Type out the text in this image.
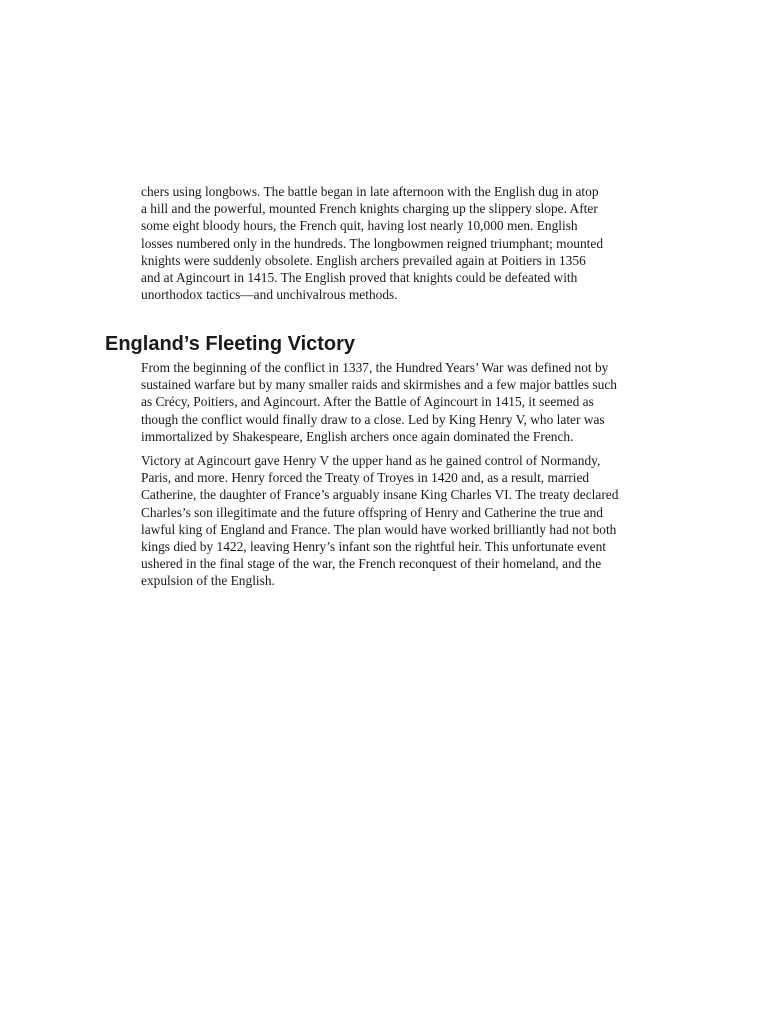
chers using longbows. The battle began in late afternoon with the English dug in atop
a hill and the powerful, mounted French knights charging up the slippery slope. After
some eight bloody hours, the French quit, having lost nearly 10,000 men. English
losses numbered only in the hundreds. The longbowmen reigned triumphant; mounted
knights were suddenly obsolete. English archers prevailed again at Poitiers in 1356
and at Agincourt in 1415. The English proved that knights could be defeated with
unorthodox tactics—and unchivalrous methods.

England’s Fleeting Victory

From the beginning of the conflict in 1337, the Hundred Years’ War was defined not by
sustained warfare but by many smaller raids and skirmishes and a few major battles such
as Crécy, Poitiers, and Agincourt. After the Battle of Agincourt in 1415, it seemed as
though the conflict would finally draw to a close. Led by King Henry V, who later was
immortalized by Shakespeare, English archers once again dominated the French.

Victory at Agincourt gave Henry V the upper hand as he gained control of Normandy,
Paris, and more. Henry forced the Treaty of Troyes in 1420 and, as a result, married
Catherine, the daughter of France’s arguably insane King Charles VI. The treaty declared
Charles’s son illegitimate and the future offspring of Henry and Catherine the true and
lawful king of England and France. The plan would have worked brilliantly had not both
kings died by 1422, leaving Henry’s infant son the rightful heir. This unfortunate event
ushered in the final stage of the war, the French reconquest of their homeland, and the
expulsion of the English.
